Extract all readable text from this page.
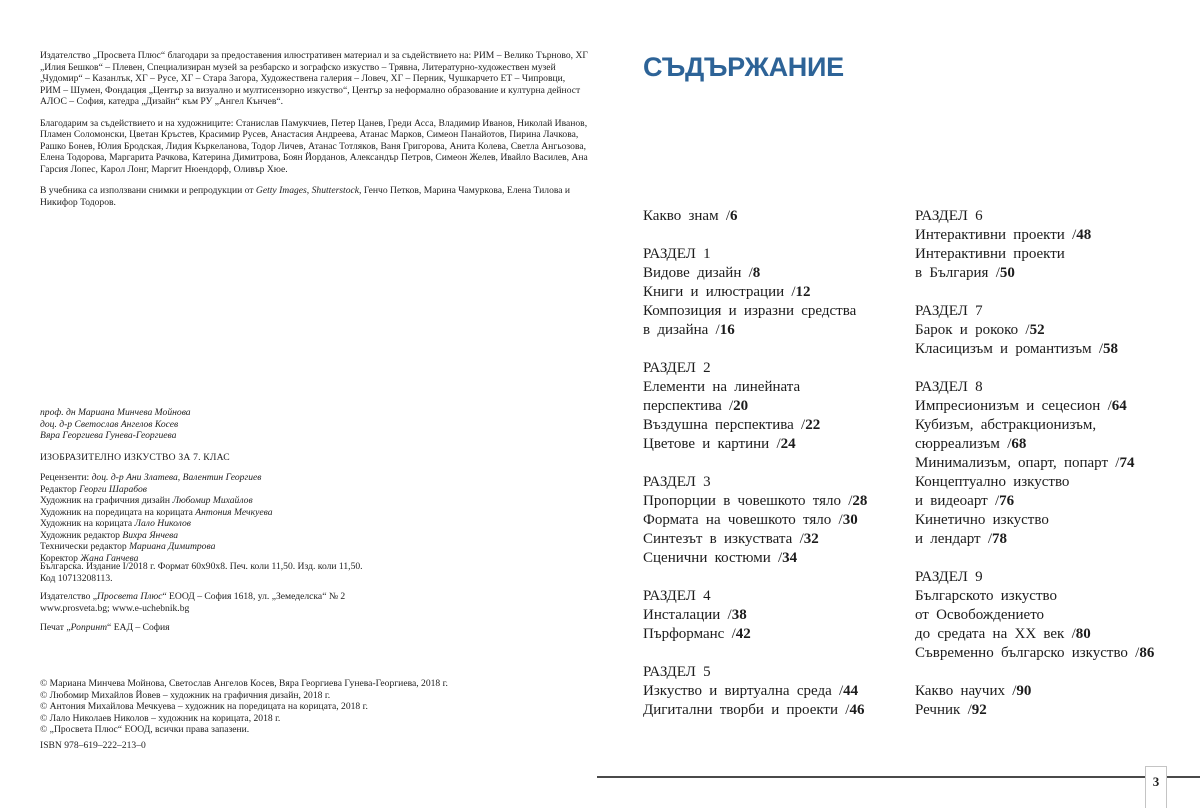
Издателство „Просвета Плюс“ благодари за предоставения илюстративен материал и за съдействието на: РИМ – Велико Търново, ХГ „Илия Бешков“ – Плевен, Специализиран музей за резбарско и зографско изкуство – Трявна, Литературно-художествен музей „Чудомир“ – Казанлък, ХГ – Русе, ХГ – Стара Загора, Художествена галерия – Ловеч, ХГ – Перник, Чушкарчето ЕТ – Чипровци, РИМ – Шумен, Фондация „Център за визуално и мултисензорно изкуство“, Център за неформално образование и културна дейност АЛОС – София, катедра „Дизайн“ към РУ „Ангел Кънчев“.

Благодарим за съдействието и на художниците: Станислав Памукчиев, Петер Цанев, Греди Асса, Владимир Иванов, Николай Иванов, Пламен Соломонски, Цветан Кръстев, Красимир Русев, Анастасия Андреева, Атанас Марков, Симеон Панайотов, Пирина Лачкова, Рашко Бонев, Юлия Бродская, Лидия Къркеланова, Тодор Личев, Атанас Тотляков, Ваня Григорова, Анита Колева, Светла Ангьозова, Елена Тодорова, Маргарита Рачкова, Катерина Димитрова, Боян Йорданов, Александър Петров, Симеон Желев, Ивайло Василев, Ана Гарсия Лопес, Карол Лонг, Маргит Нюендорф, Оливър Хюе.

В учебника са използвани снимки и репродукции от Getty Images, Shutterstock, Генчо Петков, Марина Чамуркова, Елена Тилова и Никифор Тодоров.

проф. дн Мариана Минчева Мойнова
доц. д-р Светослав Ангелов Косев
Вяра Георгиева Гунева-Георгиева
ИЗОБРАЗИТЕЛНО ИЗКУСТВО ЗА 7. КЛАС
Рецензенти: доц. д-р Ани Златева, Валентин Георгиев
Редактор Георги Шарабов
Художник на графичния дизайн Любомир Михайлов
Художник на поредицата на корицата Антония Мечкуева
Художник на корицата Лало Николов
Художник редактор Вихра Янчева
Технически редактор Мариана Димитрова
Коректор Жана Ганчева
Българска. Издание I/2018 г. Формат 60х90х8. Печ. коли 11,50. Изд. коли 11,50.
Код 10713208113.
Издателство „Просвета Плюс“ ЕООД – София 1618, ул. „Земеделска“ № 2
www.prosveta.bg; www.e-uchebnik.bg
Печат „Ропринт“ ЕАД – София
© Мариана Минчева Мойнова, Светослав Ангелов Косев, Вяра Георгиева Гунева-Георгиева, 2018 г.
© Любомир Михайлов Йовев – художник на графичния дизайн, 2018 г.
© Антония Михайлова Мечкуева – художник на поредицата на корицата, 2018 г.
© Лало Николаев Николов – художник на корицата, 2018 г.
© „Просвета Плюс“ ЕООД, всички права запазени.
ISBN 978–619–222–213–0
СЪДЪРЖАНИЕ
Какво знам /6
РАЗДЕЛ 1
Видове дизайн /8
Книги и илюстрации /12
Композиция и изразни средства
в дизайна /16
РАЗДЕЛ 2
Елементи на линейната
перспектива /20
Въздушна перспектива /22
Цветове и картини /24
РАЗДЕЛ 3
Пропорции в човешкото тяло /28
Формата на човешкото тяло /30
Синтезът в изкуствата /32
Сценични костюми /34
РАЗДЕЛ 4
Инсталации /38
Пърформанс /42
РАЗДЕЛ 5
Изкуство и виртуална среда /44
Дигитални творби и проекти /46
РАЗДЕЛ 6
Интерактивни проекти /48
Интерактивни проекти
в България /50
РАЗДЕЛ 7
Барок и рококо /52
Класицизъм и романтизъм /58
РАЗДЕЛ 8
Импресионизъм и сецесион /64
Кубизъм, абстракционизъм,
сюрреализъм /68
Минимализъм, опарт, попарт /74
Концептуално изкуство
и видеоарт /76
Кинетично изкуство
и лендарт /78
РАЗДЕЛ 9
Българското изкуство
от Освобождението
до средата на ХХ век /80
Съвременно българско изкуство /86
Какво научих /90
Речник /92
3
